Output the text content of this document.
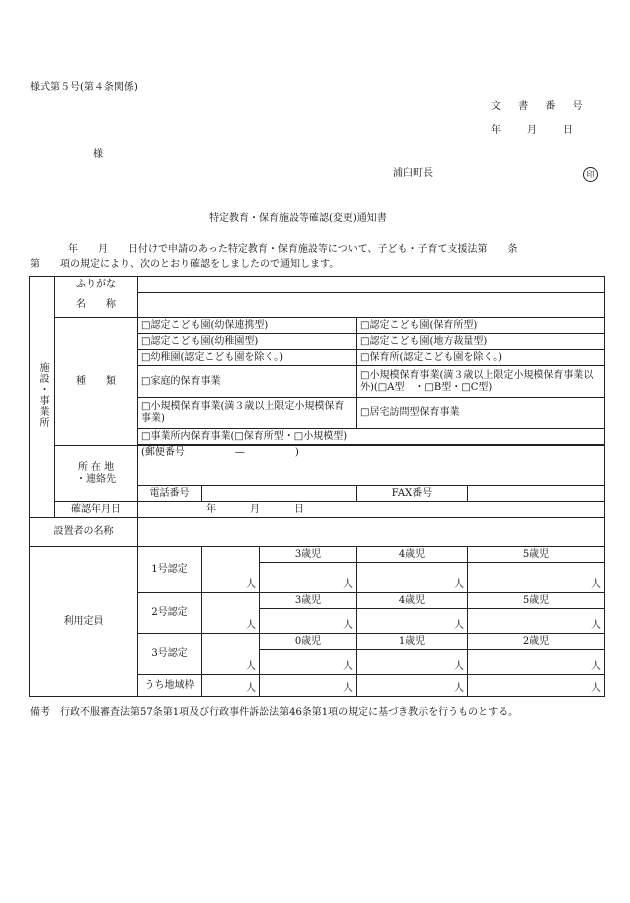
様式第５号(第４条関係)
文 書 番 号
年　　月　　日
様
浦臼町長	印
特定教育・保育施設等確認(変更)通知書

年　　月　　日付けで申請のあった特定教育・保育施設等について、子ども・子育て支援法第　　条

第　　項の規定により、次のとおり確認をしましたので通知します。

施設・事業所	ふりがな					
	名　　称					
	種　　類	□認定こども園(幼保連携型)			□認定こども園(保育所型)	
		□認定こども園(幼稚園型)			□認定こども園(地方裁量型)	
		□幼稚園(認定こども園を除く。)			□保育所(認定こども園を除く。)	
		□家庭的保育事業			□小規模保育事業(満３歳以上限定小規模保育事業以外)(□A型　・□B型・□C型)	
		□小規模保育事業(満３歳以上限定小規模保育事業)			□居宅訪問型保育事業	
		□事業所内保育事業(□保育所型・□小規模型)				

	所 在 地
・連絡先	(郵便番号　　　　　—　　　　　)				
		電話番号			FAX番号	
	確認年月日	年　　　月　　　日				
設置者の名称						
利用定員		1号認定	人	3歳児	4歳児	5歳児
				人	人	人
		2号認定	人	3歳児	4歳児	5歳児
				人	人	人
		3号認定	人	0歳児	1歳児	2歳児
				人	人	人
		うち地域枠	人	人	人	人
備考　行政不服審査法第57条第1項及び行政事件訴訟法第46条第1項の規定に基づき教示を行うものとする。
